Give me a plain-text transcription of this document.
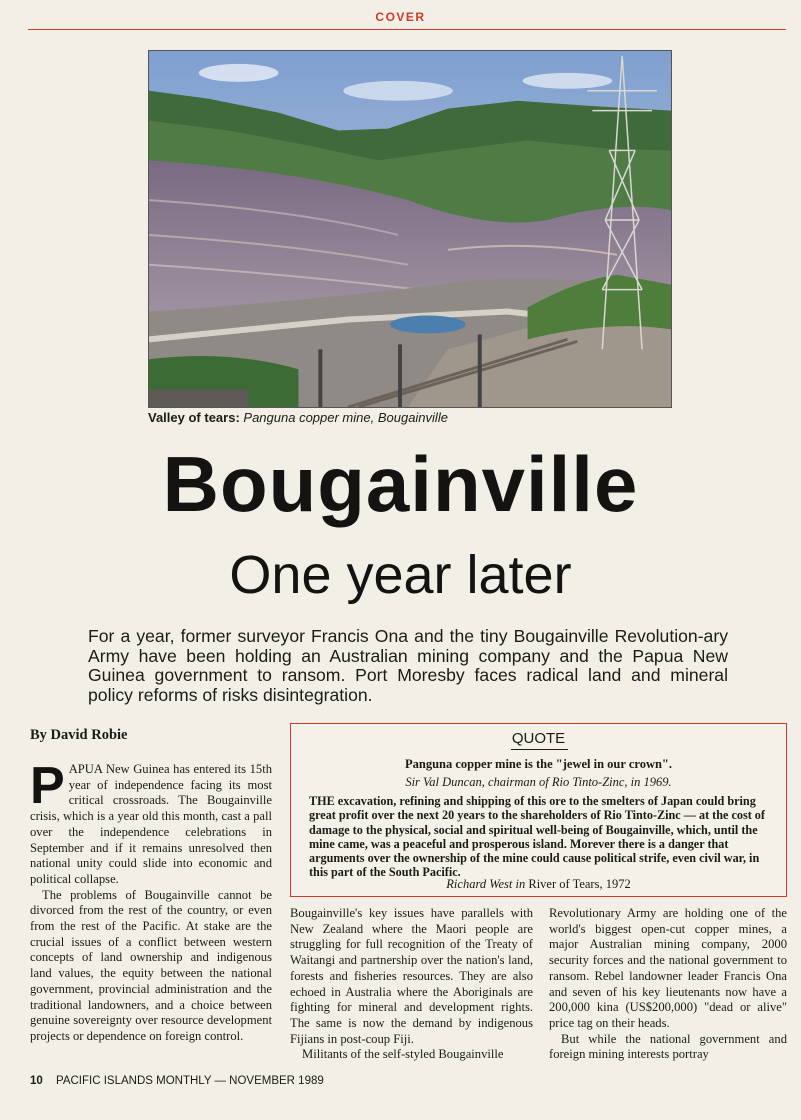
COVER
Valley of tears: Panguna copper mine, Bougainville
Bougainville
One year later
For a year, former surveyor Francis Ona and the tiny Bougainville Revolution-ary Army have been holding an Australian mining company and the Papua New Guinea government to ransom. Port Moresby faces radical land and mineral policy reforms of risks disintegration.
By David Robie

PAPUA New Guinea has entered its 15th year of independence facing its most critical crossroads. The Bougainville crisis, which is a year old this month, cast a pall over the independence celebrations in September and if it remains unresolved then national unity could slide into economic and political collapse.

The problems of Bougainville cannot be divorced from the rest of the country, or even from the rest of the Pacific. At stake are the crucial issues of a conflict between western concepts of land ownership and indigenous land values, the equity between the national government, provincial administration and the traditional landowners, and a choice between genuine sovereignty over resource development projects or dependence on foreign control.

QUOTE
Panguna copper mine is the "jewel in our crown".
Sir Val Duncan, chairman of Rio Tinto-Zinc, in 1969.
THE excavation, refining and shipping of this ore to the smelters of Japan could bring great profit over the next 20 years to the shareholders of Rio Tinto-Zinc — at the cost of damage to the physical, social and spiritual well-being of Bougainville, which, until the mine came, was a peaceful and prosperous island. Morever there is a danger that arguments over the ownership of the mine could cause political strife, even civil war, in this part of the South Pacific.
Richard West in River of Tears, 1972

Bougainville's key issues have parallels with New Zealand where the Maori people are struggling for full recognition of the Treaty of Waitangi and partnership over the nation's land, forests and fisheries resources. They are also echoed in Australia where the Aboriginals are fighting for mineral and development rights. The same is now the demand by indigenous Fijians in post-coup Fiji.

Militants of the self-styled Bougainville

Revolutionary Army are holding one of the world's biggest open-cut copper mines, a major Australian mining company, 2000 security forces and the national government to ransom. Rebel landowner leader Francis Ona and seven of his key lieutenants now have a 200,000 kina (US$200,000) "dead or alive" price tag on their heads.

But while the national government and foreign mining interests portray

10 PACIFIC ISLANDS MONTHLY — NOVEMBER 1989
